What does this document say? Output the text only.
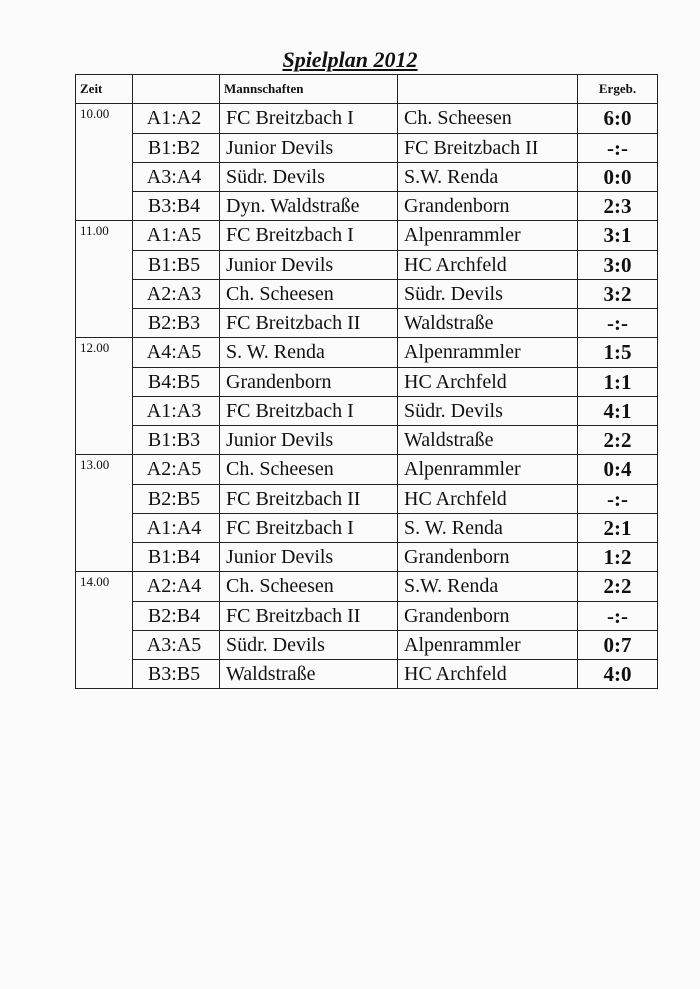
Spielplan 2012
Zeit		Mannschaften		Ergeb.
10.00	A1:A2	FC Breitzbach I	Ch. Scheesen	6:0
	B1:B2	Junior Devils	FC Breitzbach II	-:-
	A3:A4	Südr. Devils	S.W. Renda	0:0
	B3:B4	Dyn. Waldstraße	Grandenborn	2:3
11.00	A1:A5	FC Breitzbach I	Alpenrammler	3:1
	B1:B5	Junior Devils	HC Archfeld	3:0
	A2:A3	Ch. Scheesen	Südr. Devils	3:2
	B2:B3	FC Breitzbach II	Waldstraße	-:-
12.00	A4:A5	S. W. Renda	Alpenrammler	1:5
	B4:B5	Grandenborn	HC Archfeld	1:1
	A1:A3	FC Breitzbach I	Südr. Devils	4:1
	B1:B3	Junior Devils	Waldstraße	2:2
13.00	A2:A5	Ch. Scheesen	Alpenrammler	0:4
	B2:B5	FC Breitzbach II	HC Archfeld	-:-
	A1:A4	FC Breitzbach I	S. W. Renda	2:1
	B1:B4	Junior Devils	Grandenborn	1:2
14.00	A2:A4	Ch. Scheesen	S.W. Renda	2:2
	B2:B4	FC Breitzbach II	Grandenborn	-:-
	A3:A5	Südr. Devils	Alpenrammler	0:7
	B3:B5	Waldstraße	HC Archfeld	4:0
